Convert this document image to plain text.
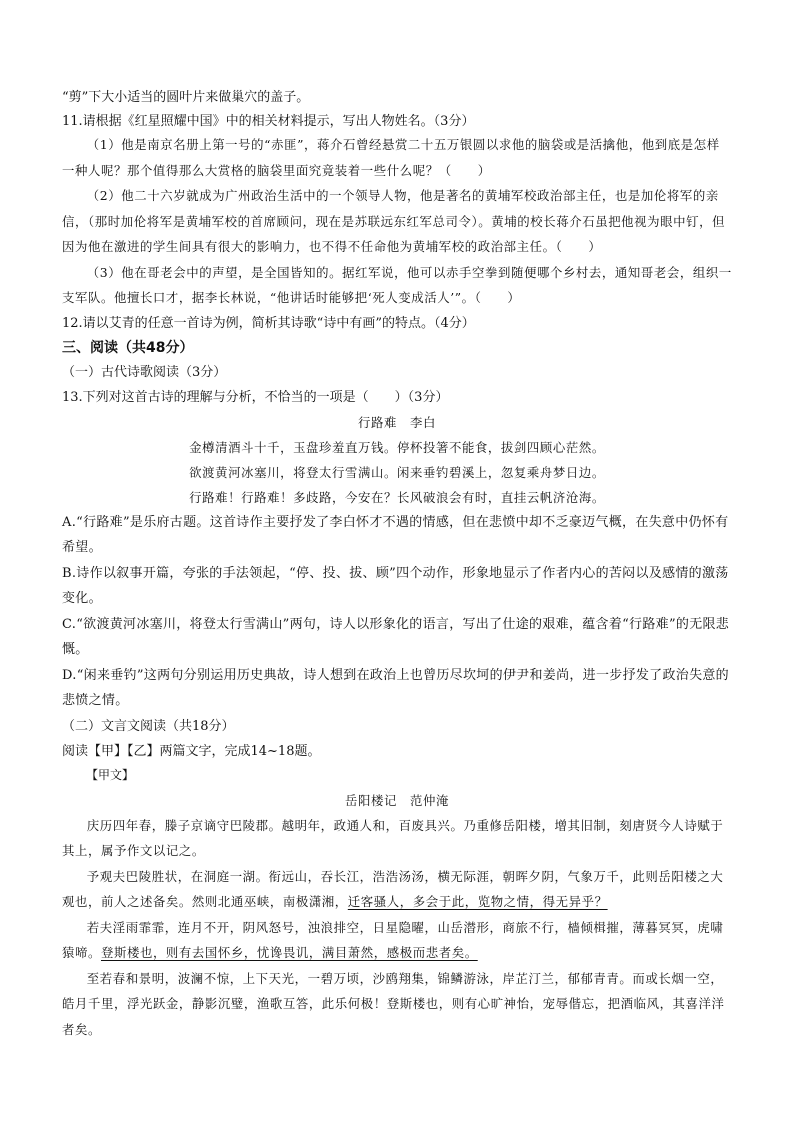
“剪”下大小适当的圆叶片来做巢穴的盖子。

11.请根据《红星照耀中国》中的相关材料提示，写出人物姓名。（3分）

（1）他是南京名册上第一号的“赤匪”，蒋介石曾经悬赏二十五万银圆以求他的脑袋或是活擒他，他到底是怎样一种人呢？那个值得那么大赏格的脑袋里面究竟装着一些什么呢？（　　）

（2）他二十六岁就成为广州政治生活中的一个领导人物，他是著名的黄埔军校政治部主任，也是加伦将军的亲信，（那时加伦将军是黄埔军校的首席顾问，现在是苏联远东红军总司令）。黄埔的校长蒋介石虽把他视为眼中钉，但因为他在激进的学生间具有很大的影响力，也不得不任命他为黄埔军校的政治部主任。（　　）

（3）他在哥老会中的声望，是全国皆知的。据红军说，他可以赤手空拳到随便哪个乡村去，通知哥老会，组织一支军队。他擅长口才，据李长林说，“他讲话时能够把‘死人变成活人’”。（　　）

12.请以艾青的任意一首诗为例，简析其诗歌“诗中有画”的特点。（4分）

三、阅读（共48分）

（一）古代诗歌阅读（3分）

13.下列对这首古诗的理解与分析，不恰当的一项是（　　）（3分）

行路难　李白

金樽清酒斗十千，玉盘珍羞直万钱。停杯投箸不能食，拔剑四顾心茫然。

欲渡黄河冰塞川，将登太行雪满山。闲来垂钓碧溪上，忽复乘舟梦日边。

行路难！行路难！多歧路，今安在？长风破浪会有时，直挂云帆济沧海。

A.“行路难”是乐府古题。这首诗作主要抒发了李白怀才不遇的情感，但在悲愤中却不乏豪迈气概，在失意中仍怀有希望。

B.诗作以叙事开篇，夸张的手法领起，“停、投、拔、顾”四个动作，形象地显示了作者内心的苦闷以及感情的激荡变化。

C.“欲渡黄河冰塞川，将登太行雪满山”两句，诗人以形象化的语言，写出了仕途的艰难，蕴含着“行路难”的无限悲慨。

D.“闲来垂钓”这两句分别运用历史典故，诗人想到在政治上也曾历尽坎坷的伊尹和姜尚，进一步抒发了政治失意的悲愤之情。

（二）文言文阅读（共18分）

阅读【甲】【乙】两篇文字，完成14~18题。

【甲文】

岳阳楼记　范仲淹

庆历四年春，滕子京谪守巴陵郡。越明年，政通人和，百废具兴。乃重修岳阳楼，增其旧制，刻唐贤今人诗赋于其上，属予作文以记之。

予观夫巴陵胜状，在洞庭一湖。衔远山，吞长江，浩浩汤汤，横无际涯，朝晖夕阴，气象万千，此则岳阳楼之大观也，前人之述备矣。然则北通巫峡，南极潇湘，迁客骚人，多会于此，览物之情，得无异乎？

若夫淫雨霏霏，连月不开，阴风怒号，浊浪排空，日星隐曜，山岳潜形，商旅不行，樯倾楫摧，薄暮冥冥，虎啸猿啼。登斯楼也，则有去国怀乡，忧谗畏讥，满目萧然，感极而悲者矣。

至若春和景明，波澜不惊，上下天光，一碧万顷，沙鸥翔集，锦鳞游泳，岸芷汀兰，郁郁青青。而或长烟一空，皓月千里，浮光跃金，静影沉璧，渔歌互答，此乐何极！登斯楼也，则有心旷神怡，宠辱偕忘，把酒临风，其喜洋洋者矣。
